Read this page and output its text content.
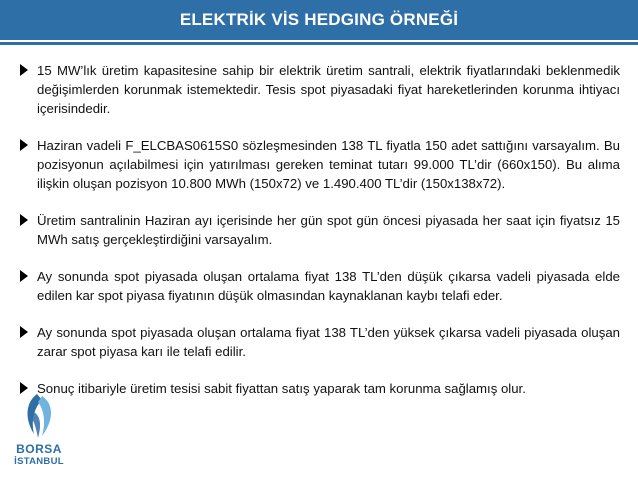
ELEKTRİK VİS HEDGING ÖRNEĞİ
15 MW’lık üretim kapasitesine sahip bir elektrik üretim santrali, elektrik fiyatlarındaki beklenmedik değişimlerden korunmak istemektedir. Tesis spot piyasadaki fiyat hareketlerinden korunma ihtiyacı içerisindedir.
Haziran vadeli F_ELCBAS0615S0 sözleşmesinden 138 TL fiyatla 150 adet sattığını varsayalım. Bu pozisyonun açılabilmesi için yatırılması gereken teminat tutarı 99.000 TL’dir (660x150). Bu alıma ilişkin oluşan pozisyon 10.800 MWh (150x72) ve 1.490.400 TL’dir (150x138x72).
Üretim santralinin Haziran ayı içerisinde her gün spot gün öncesi piyasada her saat için fiyatsız 15 MWh satış gerçekleştirdiğini varsayalım.
Ay sonunda spot piyasada oluşan ortalama fiyat 138 TL’den düşük çıkarsa vadeli piyasada elde edilen kar spot piyasa fiyatının düşük olmasından kaynaklanan kaybı telafi eder.
Ay sonunda spot piyasada oluşan ortalama fiyat 138 TL’den yüksek çıkarsa vadeli piyasada oluşan zarar spot piyasa karı ile telafi edilir.
Sonuç itibariyle üretim tesisi sabit fiyattan satış yaparak tam korunma sağlamış olur.
BORSA
İSTANBUL
